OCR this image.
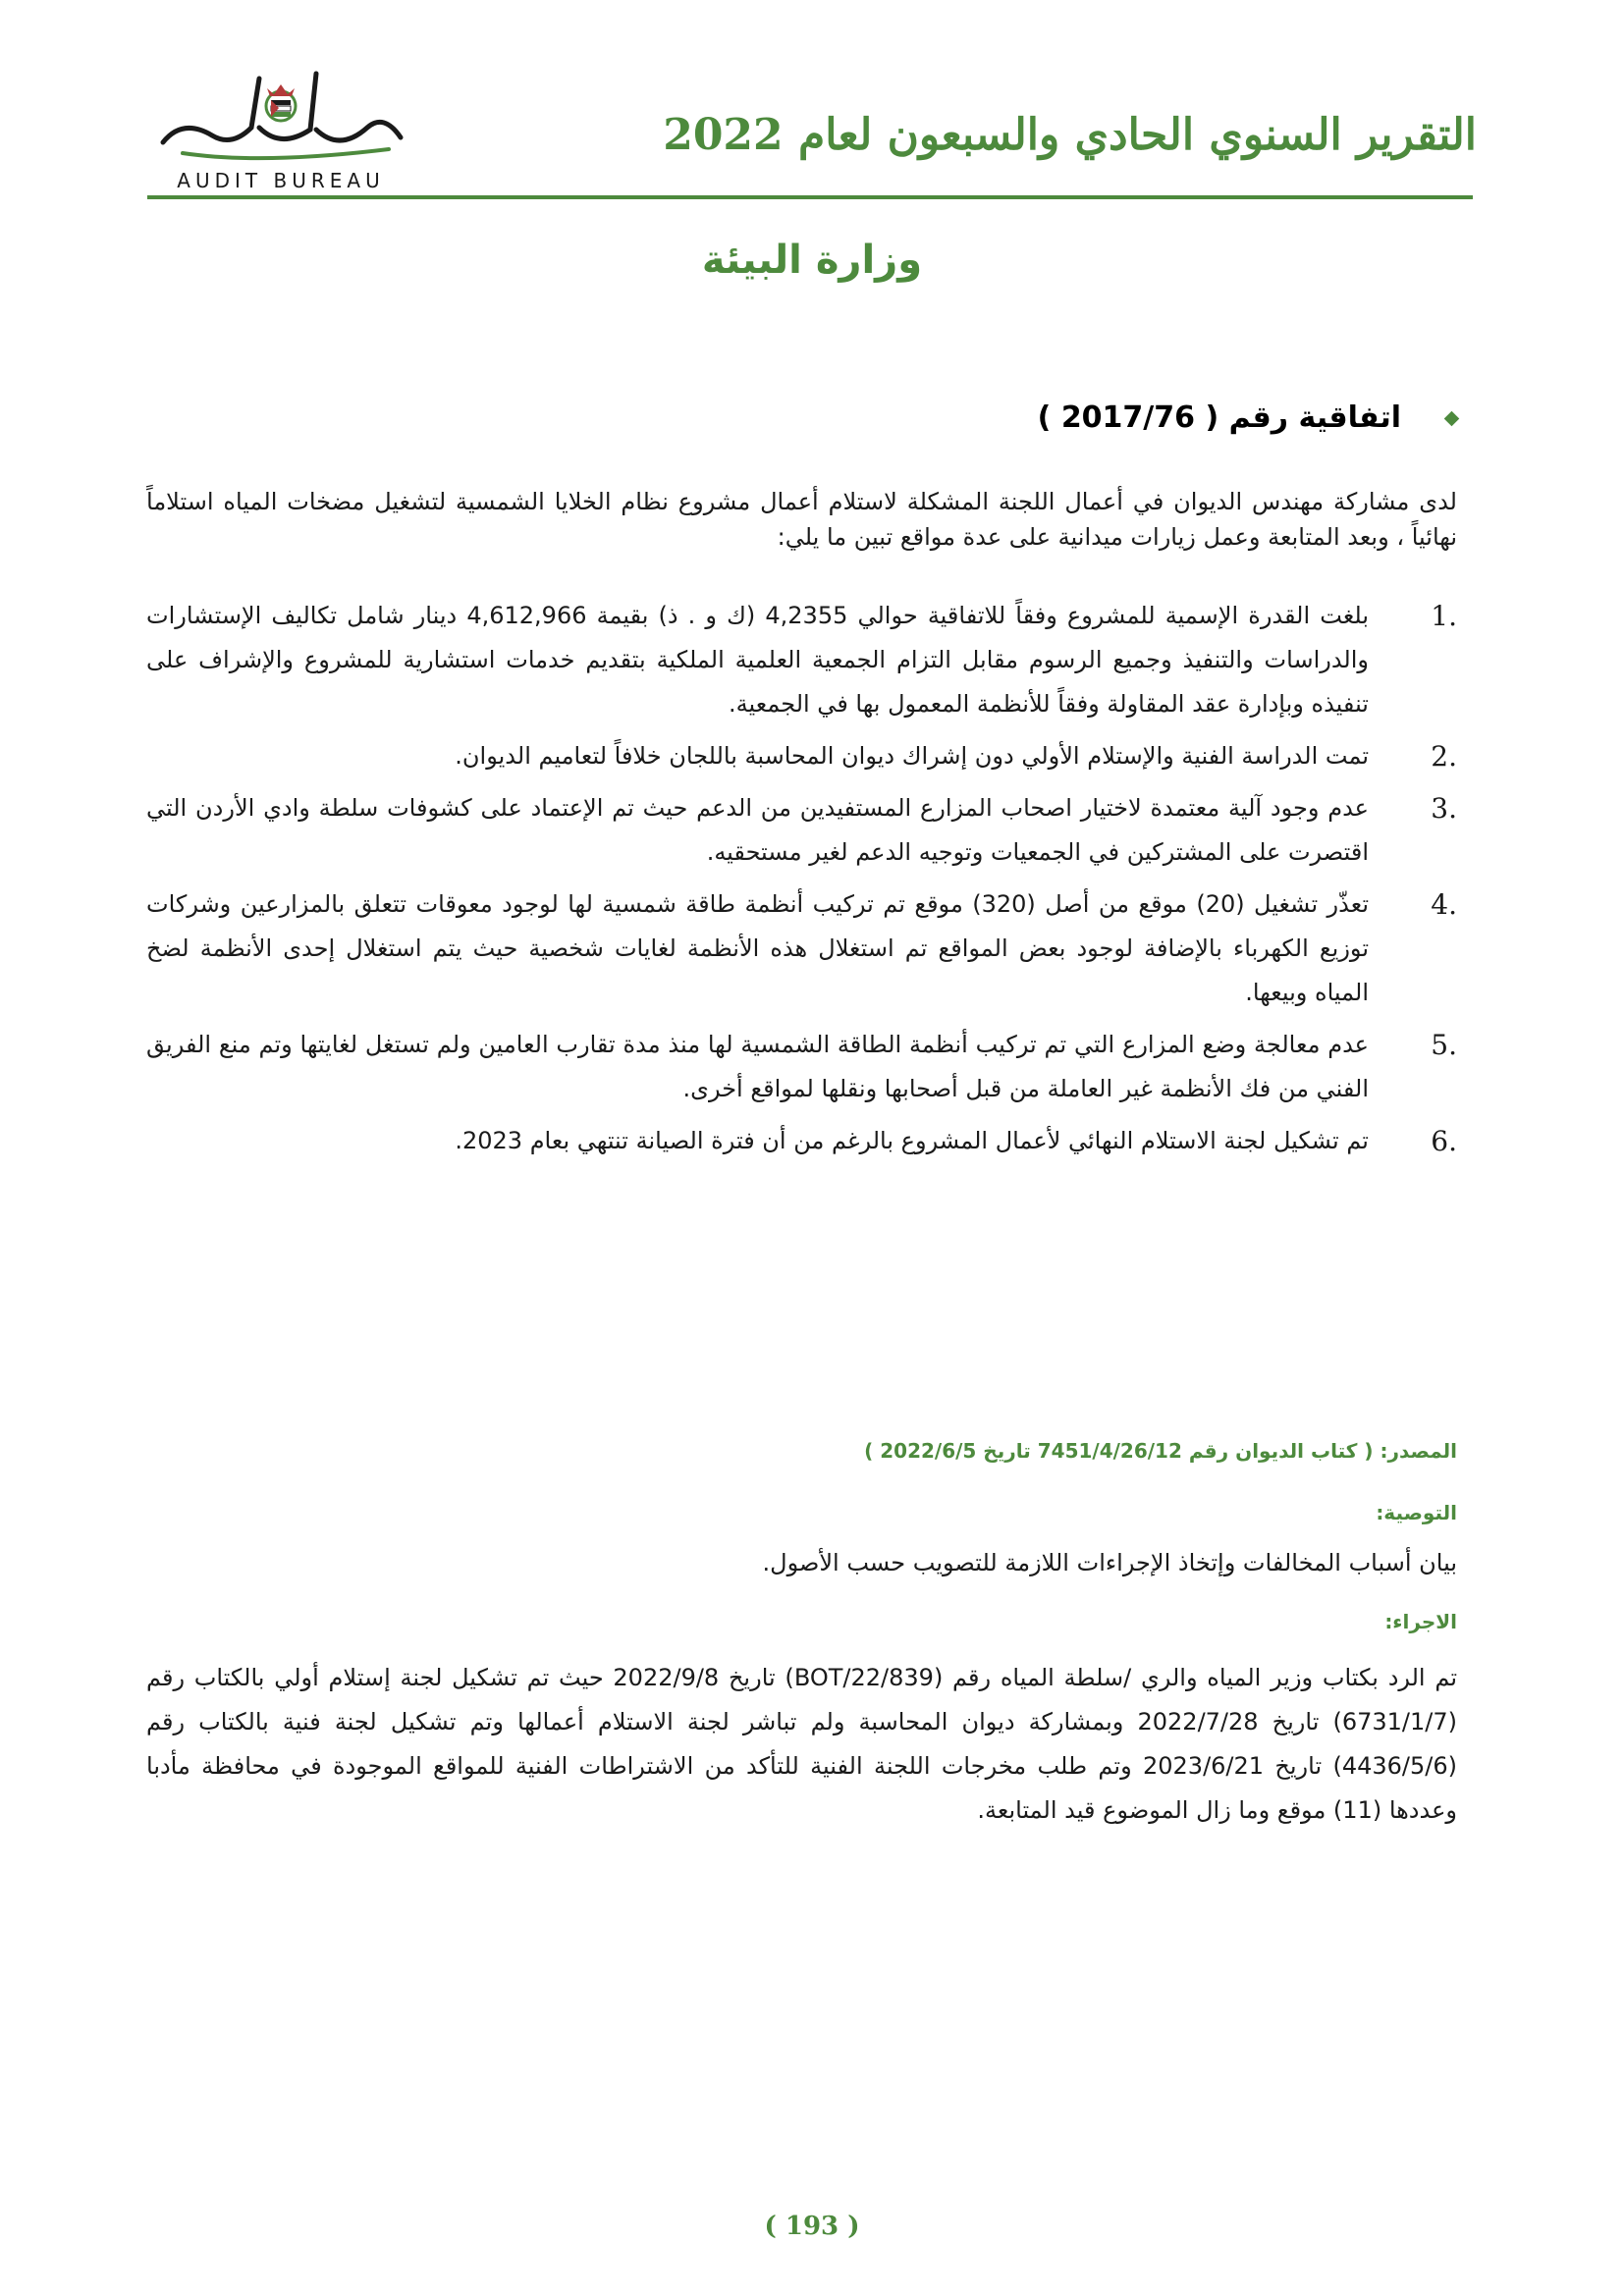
التقرير السنوي الحادي والسبعون لعام 2022
AUDIT BUREAU
وزارة البيئة
اتفاقية رقم ( 2017/76 )
لدى مشاركة مهندس الديوان في أعمال اللجنة المشكلة لاستلام أعمال مشروع نظام الخلايا الشمسية لتشغيل مضخات المياه استلاماً نهائياً ، وبعد المتابعة وعمل زيارات ميدانية على عدة مواقع تبين ما يلي:
1.
بلغت القدرة الإسمية للمشروع وفقاً للاتفاقية حوالي 4,2355 (ك و . ذ) بقيمة 4,612,966 دينار شامل تكاليف الإستشارات والدراسات والتنفيذ وجميع الرسوم مقابل التزام الجمعية العلمية الملكية بتقديم خدمات استشارية للمشروع والإشراف على تنفيذه وبإدارة عقد المقاولة وفقاً للأنظمة المعمول بها في الجمعية.
2.
تمت الدراسة الفنية والإستلام الأولي دون إشراك ديوان المحاسبة باللجان خلافاً لتعاميم الديوان.
3.
عدم وجود آلية معتمدة لاختيار اصحاب المزارع المستفيدين من الدعم حيث تم الإعتماد على كشوفات سلطة وادي الأردن التي اقتصرت على المشتركين في الجمعيات وتوجيه الدعم لغير مستحقيه.
4.
تعذّر تشغيل (20) موقع من أصل (320) موقع تم تركيب أنظمة طاقة شمسية لها لوجود معوقات تتعلق بالمزارعين وشركات توزيع الكهرباء بالإضافة لوجود بعض المواقع تم استغلال هذه الأنظمة لغايات شخصية حيث يتم استغلال إحدى الأنظمة لضخ المياه وبيعها.
5.
عدم معالجة وضع المزارع التي تم تركيب أنظمة الطاقة الشمسية لها منذ مدة تقارب العامين ولم تستغل لغايتها وتم منع الفريق الفني من فك الأنظمة غير العاملة من قبل أصحابها ونقلها لمواقع أخرى.
6.
تم تشكيل لجنة الاستلام النهائي لأعمال المشروع بالرغم من أن فترة الصيانة تنتهي بعام 2023.
المصدر: ( كتاب الديوان رقم 7451/4/26/12 تاريخ 2022/6/5 )
التوصية:
بيان أسباب المخالفات وإتخاذ الإجراءات اللازمة للتصويب حسب الأصول.
الاجراء:
تم الرد بكتاب وزير المياه والري /سلطة المياه رقم (BOT/22/839) تاريخ 2022/9/8 حيث تم تشكيل لجنة إستلام أولي بالكتاب رقم (6731/1/7) تاريخ 2022/7/28 وبمشاركة ديوان المحاسبة ولم تباشر لجنة الاستلام أعمالها وتم تشكيل لجنة فنية بالكتاب رقم (4436/5/6) تاريخ 2023/6/21 وتم طلب مخرجات اللجنة الفنية للتأكد من الاشتراطات الفنية للمواقع الموجودة في محافظة مأدبا وعددها (11) موقع وما زال الموضوع قيد المتابعة.
( 193 )
